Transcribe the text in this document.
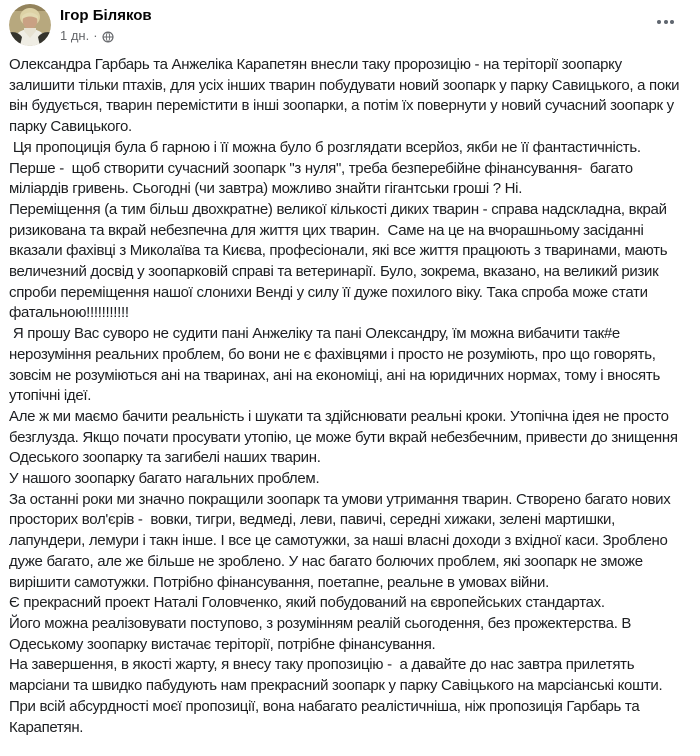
Ігор Біляков
1 дн. ·

Олександра Гарбарь та Анжеліка Карапетян внесли таку пророзицію - на теріторії зоопарку залишити тільки птахів, для усіх інших тварин побудувати новий зоопарк у парку Савицького, а поки він будується, тварин перемістити в інші зоопарки, а потім їх повернути у новий сучасний зоопарк у парку Савицького.

Ця пропоциція була б гарною і її можна було б розглядати всерйоз, якби не її фантастичність.

Перше -  щоб створити сучасний зоопарк "з нуля", треба безперебійне фінансування-  багато міліардів гривень. Сьогодні (чи завтра) можливо знайти гігантськи гроші ? Ні.

Переміщення (а тим більш двохкратне) великої кількості диких тварин - справа надскладна, вкрай ризикована та вкрай небезпечна для життя цих тварин.  Саме на це на вчорашньому засіданні вказали фахівці з Миколаїва та Києва, професіонали, які все життя працюють з тваринами, мають величезний досвід у зоопарковій справі та ветеринарії. Було, зокрема, вказано, на великий ризик спроби переміщення нашої слонихи Венді у силу її дуже похилого віку. Така спроба може стати фатальною!!!!!!!!!!!

Я прошу Вас суворо не судити пані Анжеліку та пані Олександру, їм можна вибачити так#е нерозуміння реальних проблем, бо вони не є фахівцями і просто не розуміють, про що говорять,  зовсім не розуміються ані на тваринах, ані на економіці, ані на юридичних нормах, тому і вносять утопічні ідеї.

Але ж ми маємо бачити реальність і шукати та здійснювати реальні кроки. Утопічна ідея не просто безглузда. Якщо почати просувати утопію, це може бути вкрай небезбечним, привести до знищення Одеського зоопарку та загибелі наших тварин.

У нашого зоопарку багато нагальних проблем.

За останні роки ми значно покращили зоопарк та умови утримання тварин. Створено багато нових просторих вол'єрів -  вовки, тигри, ведмеді, леви, павичі, середні хижаки, зелені мартишки, лапундери, лемури і такн інше. І все це самотужки, за наші власні доходи з вхідної каси. Зроблено дуже багато, але же більше не зроблено. У нас багато болючих проблем, які зоопарк не зможе вирішити самотужки. Потрібно фінансування, поетапне, реальне в умовах війни.

Є прекрасний проект Наталі Головченко, який побудований на європейських стандартах.

Його можна реалізовувати поступово, з розумінням реалій сьогодення, без прожектерства. В Одеському зоопарку вистачає теріторії, потрібне фінансування.

На завершення, в якості жарту, я внесу таку пропозицію -  а давайте до нас завтра прилетять марсіани та швидко пабудують нам прекрасний зоопарк у парку Савіцького на марсіанські кошти. При всій абсурдності моєї пропозиції, вона набагато реалістичніша, ніж пропозиція Гарбарь та Карапетян.
